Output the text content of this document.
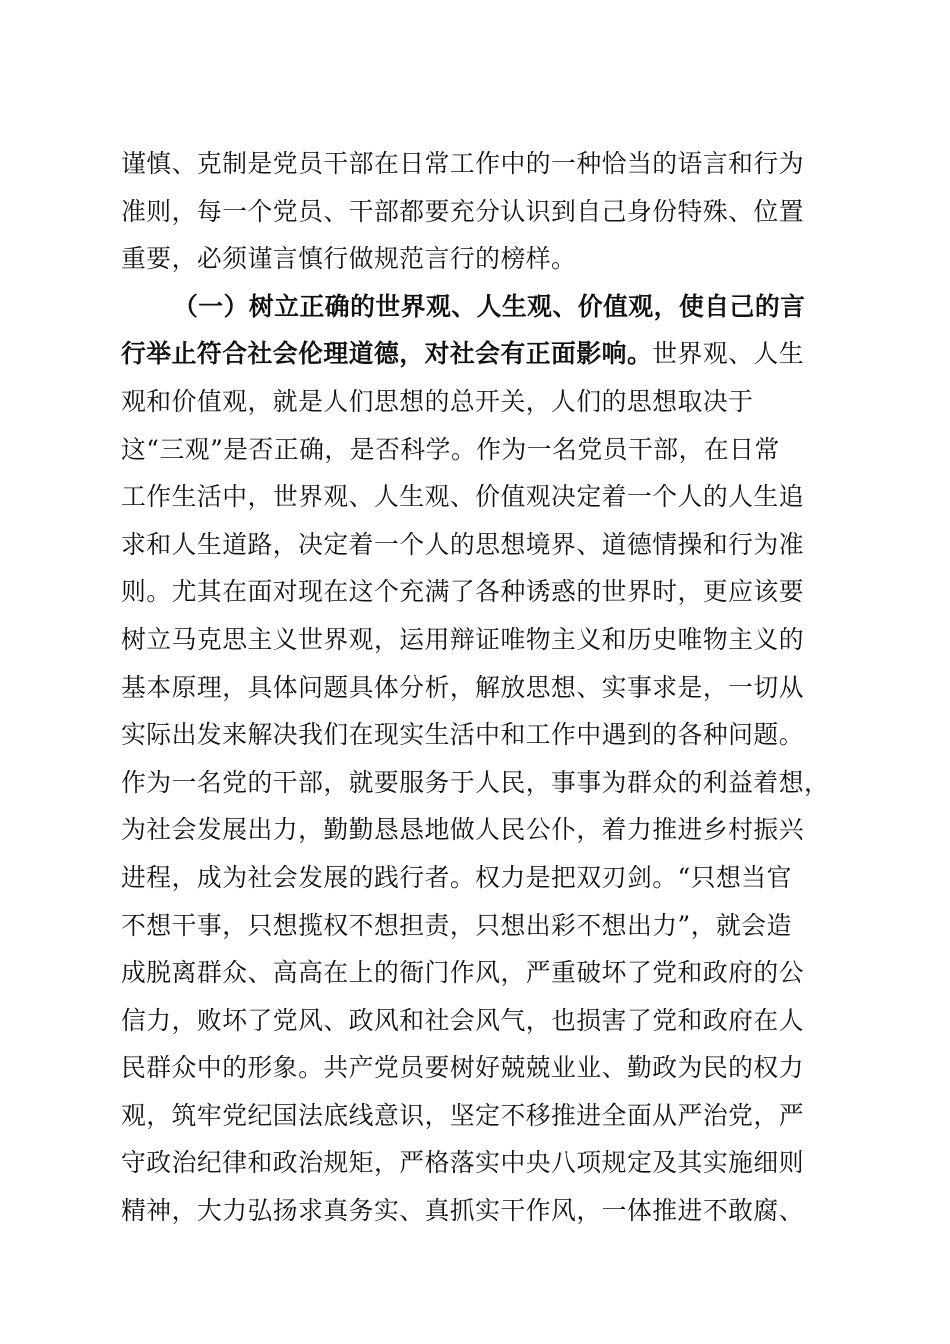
谨慎、克制是党员干部在日常工作中的一种恰当的语言和行为
准则，每一个党员、干部都要充分认识到自己身份特殊、位置
重要，必须谨言慎行做规范言行的榜样。
（一）树立正确的世界观、人生观、价值观，使自己的言
行举止符合社会伦理道德，对社会有正面影响。世界观、人生
观和价值观，就是人们思想的总开关，人们的思想取决于
这“三观”是否正确，是否科学。作为一名党员干部，在日常
工作生活中，世界观、人生观、价值观决定着一个人的人生追
求和人生道路，决定着一个人的思想境界、道德情操和行为准
则。尤其在面对现在这个充满了各种诱惑的世界时，更应该要
树立马克思主义世界观，运用辩证唯物主义和历史唯物主义的
基本原理，具体问题具体分析，解放思想、实事求是，一切从
实际出发来解决我们在现实生活中和工作中遇到的各种问题。
作为一名党的干部，就要服务于人民，事事为群众的利益着想，
为社会发展出力，勤勤恳恳地做人民公仆，着力推进乡村振兴
进程，成为社会发展的践行者。权力是把双刃剑。“只想当官
不想干事，只想揽权不想担责，只想出彩不想出力”，就会造
成脱离群众、高高在上的衙门作风，严重破坏了党和政府的公
信力，败坏了党风、政风和社会风气，也损害了党和政府在人
民群众中的形象。共产党员要树好兢兢业业、勤政为民的权力
观，筑牢党纪国法底线意识，坚定不移推进全面从严治党，严
守政治纪律和政治规矩，严格落实中央八项规定及其实施细则
精神，大力弘扬求真务实、真抓实干作风，一体推进不敢腐、
